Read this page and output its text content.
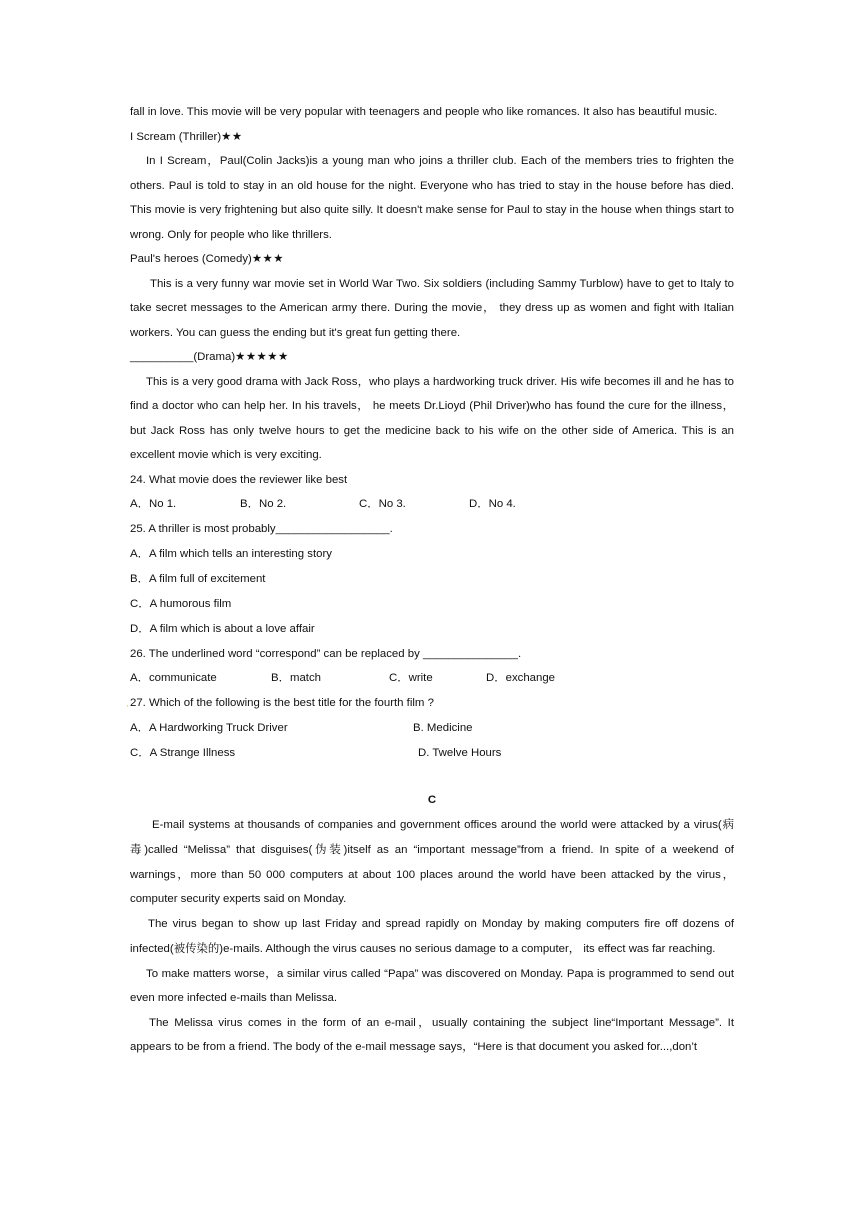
fall in love. This movie will be very popular with teenagers and people who like romances. It also has beautiful music.

I Scream (Thriller)★★

In I Scream，Paul(Colin Jacks)is a young man who joins a thriller club. Each of the members tries to frighten the others. Paul is told to stay in an old house for the night. Everyone who has tried to stay in the house before has died. This movie is very frightening but also quite silly. It doesn't make sense for Paul to stay in the house when things start to wrong. Only for people who like thrillers.

Paul's heroes (Comedy)★★★

This is a very funny war movie set in World War Two. Six soldiers (including Sammy Turblow) have to get to Italy to take secret messages to the American army there. During the movie， they dress up as women and fight with Italian workers. You can guess the ending but it's great fun getting there.

__________(Drama)★★★★★

This is a very good drama with Jack Ross，who plays a hardworking truck driver. His wife becomes ill and he has to find a doctor who can help her. In his travels， he meets Dr.Lioyd (Phil Driver)who has found the cure for the illness，but Jack Ross has only twelve hours to get the medicine back to his wife on the other side of America. This is an excellent movie which is very exciting.

24. What movie does the reviewer like best

A．No 1.	B．No 2.	C．No 3.	D．No 4.

25. A thriller is most probably__________________.

A．A film which tells an interesting story

B．A film full of excitement

C．A humorous film

D．A film which is about a love affair

26. The underlined word “correspond” can be replaced by _______________.

A．communicate	B．match	C．write	D．exchange

' 27. Which of the following is the best title for the fourth film ?

A．A Hardworking Truck Driver	B. Medicine
C．A Strange Illness	D. Twelve Hours

C

E-mail systems at thousands of companies and government offices around the world were attacked by a virus(病毒)called “Melissa” that disguises(伪装)itself as an “important message”from a friend. In spite of a weekend of warnings，more than 50 000 computers at about 100 places around the world have been attacked by the virus，computer security experts said on Monday.

The virus began to show up last Friday and spread rapidly on Monday by making computers fire off dozens of infected(被传染的)e-mails. Although the virus causes no serious damage to a computer， its effect was far reaching.

To make matters worse，a similar virus called “Papa” was discovered on Monday. Papa is programmed to send out even more infected e-mails than Melissa.

The Melissa virus comes in the form of an e-mail，usually containing the subject line“Important Message”. It appears to be from a friend. The body of the e-mail message says，“Here is that document you asked for...,don’t
